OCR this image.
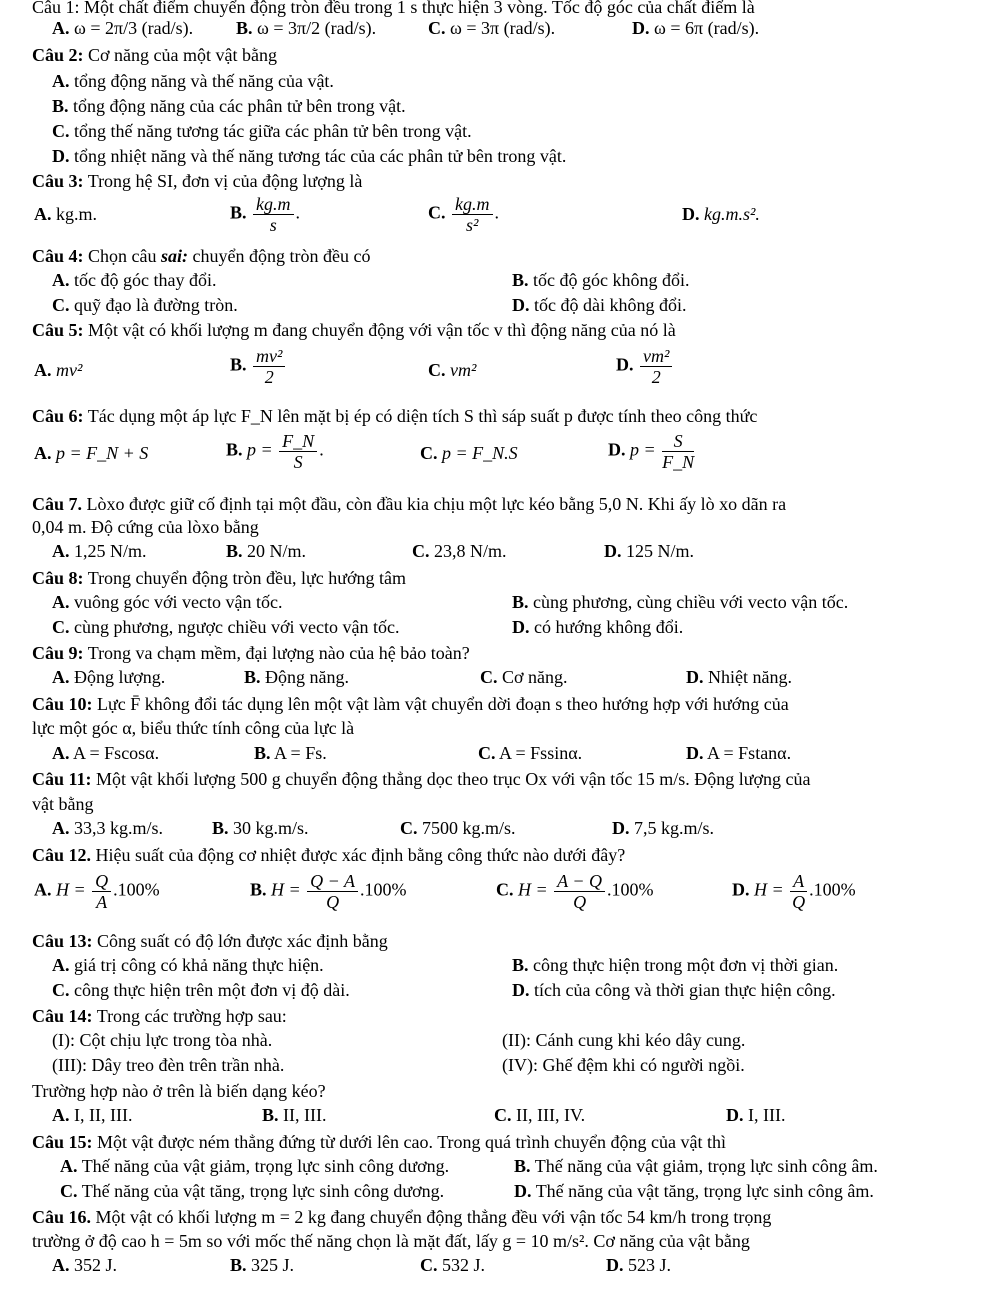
Câu 1: Một chất điểm chuyển động tròn đều trong 1 s thực hiện 3 vòng. Tốc độ góc của chất điểm là
A. ω = 2π/3 (rad/s). B. ω = 3π/2 (rad/s).	C. ω = 3π (rad/s).	D. ω = 6π (rad/s).
Câu 2: Cơ năng của một vật bằng
A. tổng động năng và thế năng của vật.
B. tổng động năng của các phân tử bên trong vật.
C. tổng thế năng tương tác giữa các phân tử bên trong vật.
D. tổng nhiệt năng và thế năng tương tác của các phân tử bên trong vật.
Câu 3: Trong hệ SI, đơn vị của động lượng là
A. kg.m.	B. $\frac{kg.m}{s}$ .	C. $\frac{kg.m}{\text{s²}}$ .	D. kg.m.s².
Câu 4: Chọn câu sai: chuyển động tròn đều có
A. tốc độ góc thay đổi.	B. tốc độ góc không đổi.
C. quỹ đạo là đường tròn.	D. tốc độ dài không đổi.
Câu 5: Một vật có khối lượng m đang chuyển động với vận tốc v thì động năng của nó là
A. mv²	B. $\frac{\text{mv²}}{2}$	C. vm²	D. $\frac{\text{vm²}}{2}$
Câu 6: Tác dụng một áp lực F_N lên mặt bị ép có diện tích S thì sáp suất p được tính theo công thức
A. p = F_N + S	B. $p = \frac{F\_N}{S}$ .	C. p = F_N.S	D. $p = \frac{S}{F\_N}$
Câu 7. Lòxo được giữ cố định tại một đầu, còn đầu kia chịu một lực kéo bằng 5,0 N. Khi ấy lò xo dãn ra
0,04 m. Độ cứng của lòxo bằng
A. 1,25 N/m.	B. 20 N/m.	C. 23,8 N/m.	D. 125 N/m.
Câu 8: Trong chuyển động tròn đều, lực hướng tâm
A. vuông góc với vecto vận tốc.	B. cùng phương, cùng chiều với vecto vận tốc.
C. cùng phương, ngược chiều với vecto vận tốc.	D. có hướng không đổi.
Câu 9: Trong va chạm mềm, đại lượng nào của hệ bảo toàn?
A. Động lượng.	B. Động năng.	C. Cơ năng.	D. Nhiệt năng.
Câu 10: Lực F̄ không đổi tác dụng lên một vật làm vật chuyển dời đoạn s theo hướng hợp với hướng của
lực một góc α, biểu thức tính công của lực là
A. A = Fscosα.	B. A = Fs.	C. A = Fssinα.	D. A = Fstanα.
Câu 11: Một vật khối lượng 500 g chuyển động thẳng dọc theo trục Ox với vận tốc 15 m/s. Động lượng của
vật bằng
A. 33,3 kg.m/s.	B. 30 kg.m/s.	C. 7500 kg.m/s.	D. 7,5 kg.m/s.
Câu 12. Hiệu suất của động cơ nhiệt được xác định bằng công thức nào dưới đây?
A. $H = \frac{Q}{A} .100\%$	B. $H = \frac{Q - A}{Q} .100\%$	C. $H = \frac{A - Q}{Q} .100\%$	D. $H = \frac{A}{Q} .100\%$
Câu 13: Công suất có độ lớn được xác định bằng
A. giá trị công có khả năng thực hiện.	B. công thực hiện trong một đơn vị thời gian.
C. công thực hiện trên một đơn vị độ dài.	D. tích của công và thời gian thực hiện công.
Câu 14: Trong các trường hợp sau:
(I): Cột chịu lực trong tòa nhà.	(II): Cánh cung khi kéo dây cung.
(III): Dây treo đèn trên trần nhà.	(IV): Ghế đệm khi có người ngồi.
Trường hợp nào ở trên là biến dạng kéo?
A. I, II, III.	B. II, III.	C. II, III, IV.	D. I, III.
Câu 15: Một vật được ném thẳng đứng từ dưới lên cao. Trong quá trình chuyển động của vật thì
A. Thế năng của vật giảm, trọng lực sinh công dương.	B. Thế năng của vật giảm, trọng lực sinh công âm.
C. Thế năng của vật tăng, trọng lực sinh công dương.	D. Thế năng của vật tăng, trọng lực sinh công âm.
Câu 16. Một vật có khối lượng m = 2 kg đang chuyển động thẳng đều với vận tốc 54 km/h trong trọng
trường ở độ cao h = 5m so với mốc thế năng chọn là mặt đất, lấy g = 10 m/s². Cơ năng của vật bằng
A. 352 J.	B. 325 J.	C. 532 J.	D. 523 J.
